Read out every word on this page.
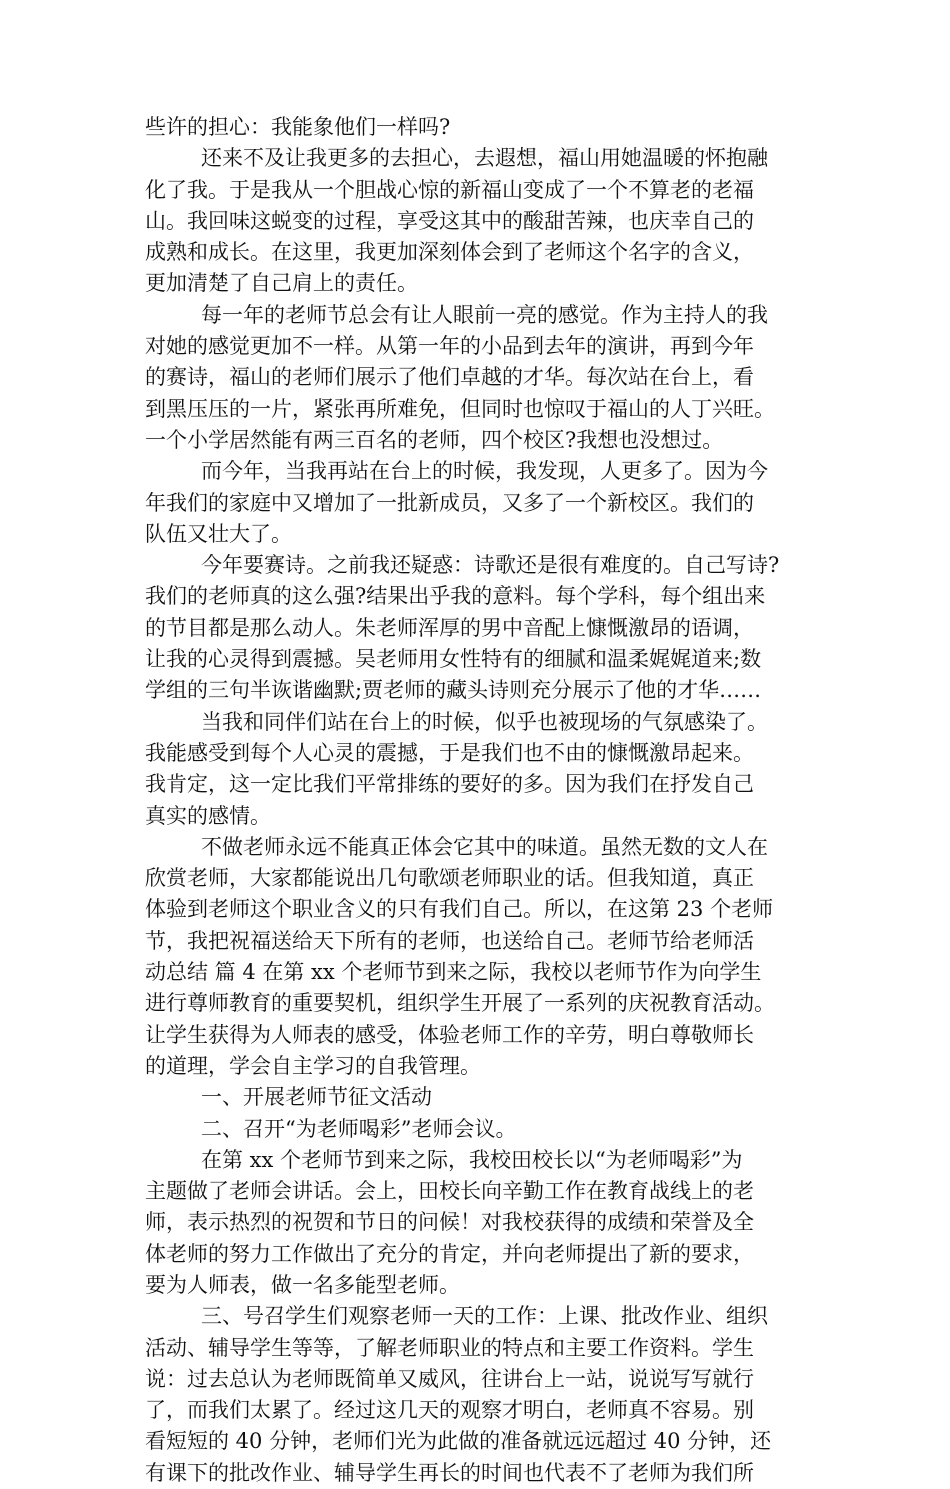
些许的担心：我能象他们一样吗?
还来不及让我更多的去担心，去遐想，福山用她温暖的怀抱融
化了我。于是我从一个胆战心惊的新福山变成了一个不算老的老福
山。我回味这蜕变的过程，享受这其中的酸甜苦辣，也庆幸自己的
成熟和成长。在这里，我更加深刻体会到了老师这个名字的含义，
更加清楚了自己肩上的责任。
每一年的老师节总会有让人眼前一亮的感觉。作为主持人的我
对她的感觉更加不一样。从第一年的小品到去年的演讲，再到今年
的赛诗，福山的老师们展示了他们卓越的才华。每次站在台上，看
到黑压压的一片，紧张再所难免，但同时也惊叹于福山的人丁兴旺。
一个小学居然能有两三百名的老师，四个校区?我想也没想过。
而今年，当我再站在台上的时候，我发现，人更多了。因为今
年我们的家庭中又增加了一批新成员，又多了一个新校区。我们的
队伍又壮大了。
今年要赛诗。之前我还疑惑：诗歌还是很有难度的。自己写诗?
我们的老师真的这么强?结果出乎我的意料。每个学科，每个组出来
的节目都是那么动人。朱老师浑厚的男中音配上慷慨激昂的语调，
让我的心灵得到震撼。吴老师用女性特有的细腻和温柔娓娓道来;数
学组的三句半诙谐幽默;贾老师的藏头诗则充分展示了他的才华……
当我和同伴们站在台上的时候，似乎也被现场的气氛感染了。
我能感受到每个人心灵的震撼，于是我们也不由的慷慨激昂起来。
我肯定，这一定比我们平常排练的要好的多。因为我们在抒发自己
真实的感情。
不做老师永远不能真正体会它其中的味道。虽然无数的文人在
欣赏老师，大家都能说出几句歌颂老师职业的话。但我知道，真正
体验到老师这个职业含义的只有我们自己。所以，在这第 23 个老师
节，我把祝福送给天下所有的老师，也送给自己。老师节给老师活
动总结 篇 4 在第 xx 个老师节到来之际，我校以老师节作为向学生
进行尊师教育的重要契机，组织学生开展了一系列的庆祝教育活动。
让学生获得为人师表的感受，体验老师工作的辛劳，明白尊敬师长
的道理，学会自主学习的自我管理。
一、开展老师节征文活动
二、召开“为老师喝彩”老师会议。
在第 xx 个老师节到来之际，我校田校长以“为老师喝彩”为
主题做了老师会讲话。会上，田校长向辛勤工作在教育战线上的老
师，表示热烈的祝贺和节日的问候！对我校获得的成绩和荣誉及全
体老师的努力工作做出了充分的肯定，并向老师提出了新的要求，
要为人师表，做一名多能型老师。
三、号召学生们观察老师一天的工作：上课、批改作业、组织
活动、辅导学生等等，了解老师职业的特点和主要工作资料。学生
说：过去总认为老师既简单又威风，往讲台上一站，说说写写就行
了，而我们太累了。经过这几天的观察才明白，老师真不容易。别
看短短的 40 分钟，老师们光为此做的准备就远远超过 40 分钟，还
有课下的批改作业、辅导学生再长的时间也代表不了老师为我们所
